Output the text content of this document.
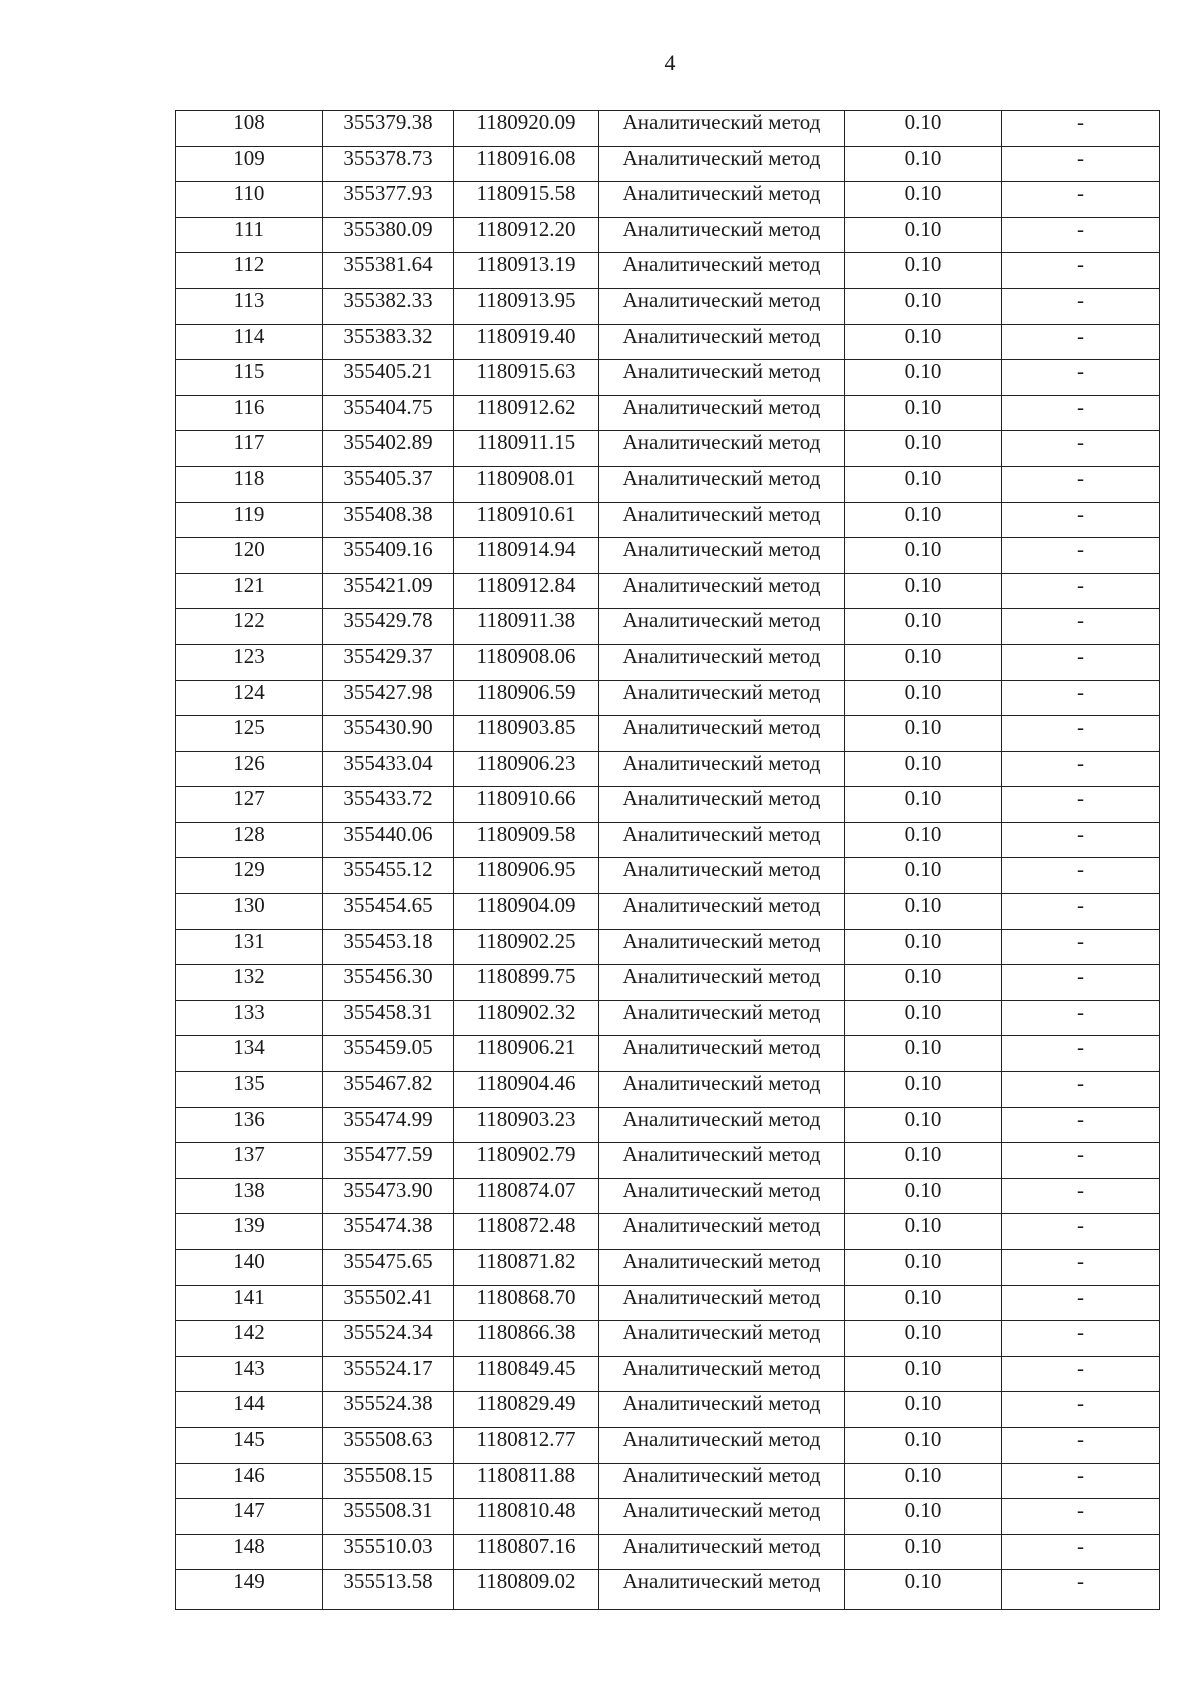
4
108	355379.38	1180920.09	Аналитический метод	0.10	-
109	355378.73	1180916.08	Аналитический метод	0.10	-
110	355377.93	1180915.58	Аналитический метод	0.10	-
111	355380.09	1180912.20	Аналитический метод	0.10	-
112	355381.64	1180913.19	Аналитический метод	0.10	-
113	355382.33	1180913.95	Аналитический метод	0.10	-
114	355383.32	1180919.40	Аналитический метод	0.10	-
115	355405.21	1180915.63	Аналитический метод	0.10	-
116	355404.75	1180912.62	Аналитический метод	0.10	-
117	355402.89	1180911.15	Аналитический метод	0.10	-
118	355405.37	1180908.01	Аналитический метод	0.10	-
119	355408.38	1180910.61	Аналитический метод	0.10	-
120	355409.16	1180914.94	Аналитический метод	0.10	-
121	355421.09	1180912.84	Аналитический метод	0.10	-
122	355429.78	1180911.38	Аналитический метод	0.10	-
123	355429.37	1180908.06	Аналитический метод	0.10	-
124	355427.98	1180906.59	Аналитический метод	0.10	-
125	355430.90	1180903.85	Аналитический метод	0.10	-
126	355433.04	1180906.23	Аналитический метод	0.10	-
127	355433.72	1180910.66	Аналитический метод	0.10	-
128	355440.06	1180909.58	Аналитический метод	0.10	-
129	355455.12	1180906.95	Аналитический метод	0.10	-
130	355454.65	1180904.09	Аналитический метод	0.10	-
131	355453.18	1180902.25	Аналитический метод	0.10	-
132	355456.30	1180899.75	Аналитический метод	0.10	-
133	355458.31	1180902.32	Аналитический метод	0.10	-
134	355459.05	1180906.21	Аналитический метод	0.10	-
135	355467.82	1180904.46	Аналитический метод	0.10	-
136	355474.99	1180903.23	Аналитический метод	0.10	-
137	355477.59	1180902.79	Аналитический метод	0.10	-
138	355473.90	1180874.07	Аналитический метод	0.10	-
139	355474.38	1180872.48	Аналитический метод	0.10	-
140	355475.65	1180871.82	Аналитический метод	0.10	-
141	355502.41	1180868.70	Аналитический метод	0.10	-
142	355524.34	1180866.38	Аналитический метод	0.10	-
143	355524.17	1180849.45	Аналитический метод	0.10	-
144	355524.38	1180829.49	Аналитический метод	0.10	-
145	355508.63	1180812.77	Аналитический метод	0.10	-
146	355508.15	1180811.88	Аналитический метод	0.10	-
147	355508.31	1180810.48	Аналитический метод	0.10	-
148	355510.03	1180807.16	Аналитический метод	0.10	-
149	355513.58	1180809.02	Аналитический метод	0.10	-
